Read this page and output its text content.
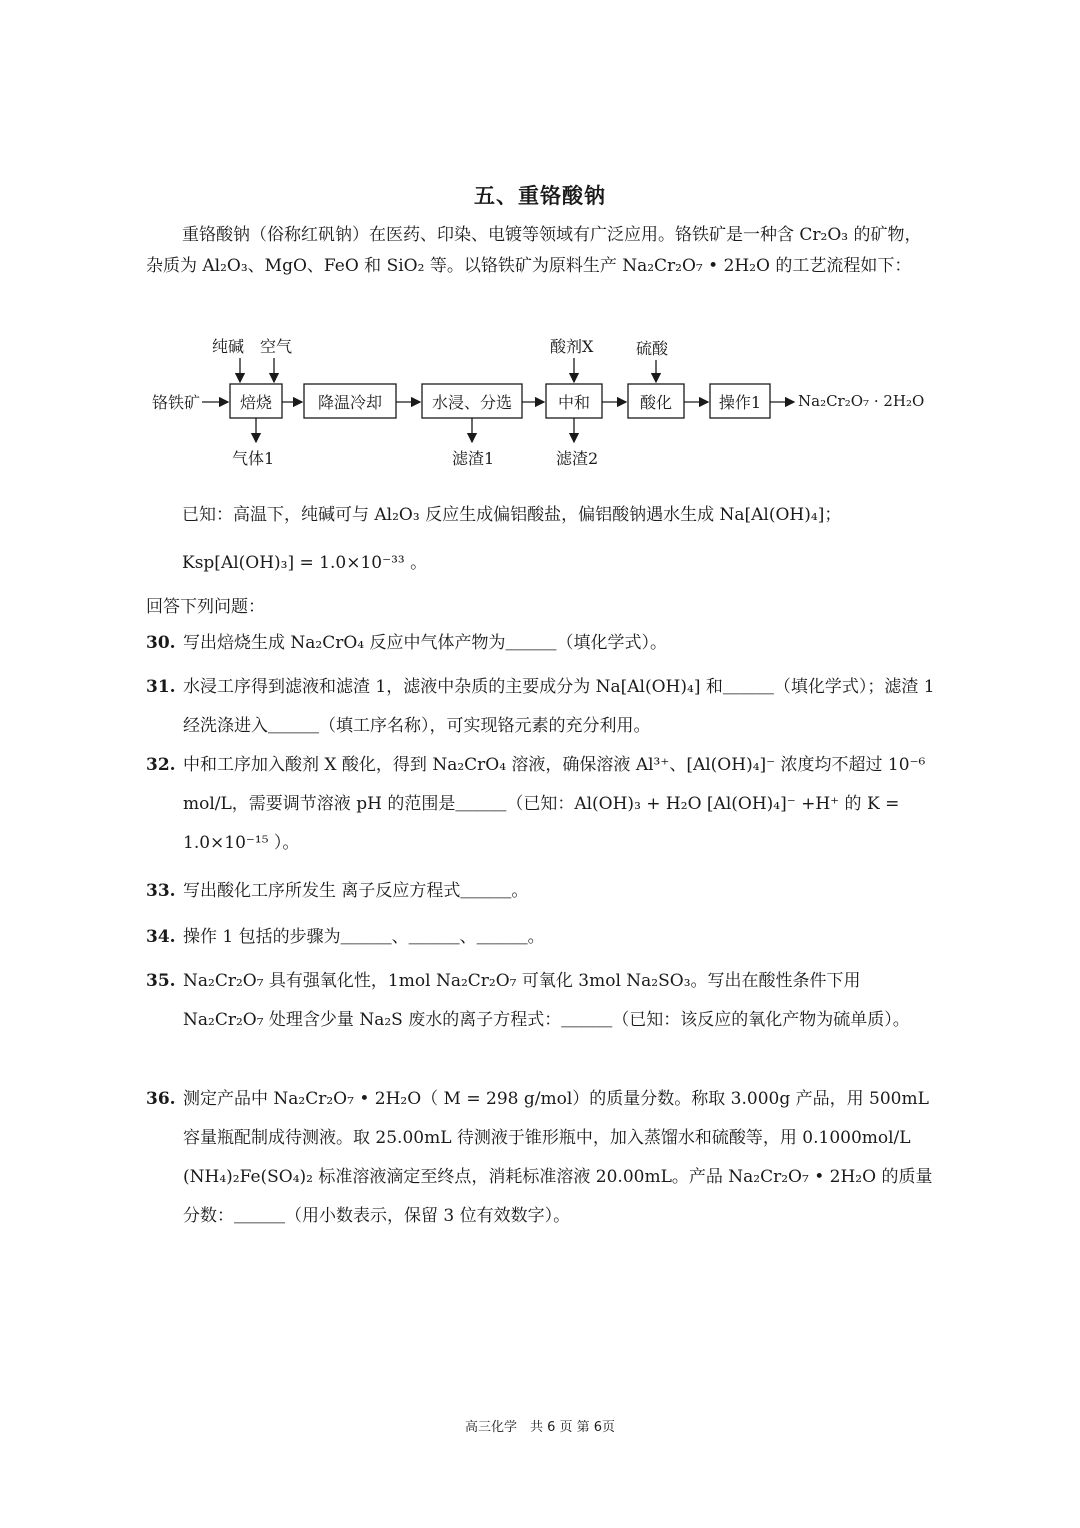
五、重铬酸钠
重铬酸钠（俗称红矾钠）在医药、印染、电镀等领域有广泛应用。铬铁矿是一种含 Cr₂O₃ 的矿物，杂质为 Al₂O₃、MgO、FeO 和 SiO₂ 等。以铬铁矿为原料生产 Na₂Cr₂O₇ • 2H₂O 的工艺流程如下：
铬铁矿 焙烧	降温冷却	水浸、分选	中和	酸化	操作1 Na₂Cr₂O₇ · 2H₂O
纯碱 空气	酸剂X	硫酸
气体1	滤渣1	滤渣2
已知：高温下，纯碱可与 Al₂O₃ 反应生成偏铝酸盐，偏铝酸钠遇水生成 Na[Al(OH)₄]；
Ksp[Al(OH)₃] = 1.0×10⁻³³ 。
回答下列问题：
30. 写出焙烧生成 Na₂CrO₄ 反应中气体产物为＿＿＿（填化学式）。
31. 水浸工序得到滤液和滤渣 1，滤液中杂质的主要成分为 Na[Al(OH)₄] 和＿＿＿（填化学式）；滤渣 1 经洗涤进入＿＿＿（填工序名称），可实现铬元素的充分利用。
32. 中和工序加入酸剂 X 酸化，得到 Na₂CrO₄ 溶液，确保溶液 Al³⁺、[Al(OH)₄]⁻ 浓度均不超过 10⁻⁶ mol/L，需要调节溶液 pH 的范围是＿＿＿（已知：Al(OH)₃ + H₂O [Al(OH)₄]⁻ +H⁺ 的 K = 1.0×10⁻¹⁵ ）。
33. 写出酸化工序所发生 离子反应方程式＿＿＿。
34. 操作 1 包括的步骤为＿＿＿、＿＿＿、＿＿＿。
35. Na₂Cr₂O₇ 具有强氧化性，1mol Na₂Cr₂O₇ 可氧化 3mol Na₂SO₃。写出在酸性条件下用 Na₂Cr₂O₇ 处理含少量 Na₂S 废水的离子方程式：＿＿＿（已知：该反应的氧化产物为硫单质）。
36. 测定产品中 Na₂Cr₂O₇ • 2H₂O（ M = 298 g/mol）的质量分数。称取 3.000g 产品，用 500mL 容量瓶配制成待测液。取 25.00mL 待测液于锥形瓶中，加入蒸馏水和硫酸等，用 0.1000mol/L (NH₄)₂Fe(SO₄)₂ 标准溶液滴定至终点，消耗标准溶液 20.00mL。产品 Na₂Cr₂O₇ • 2H₂O 的质量分数：＿＿＿（用小数表示，保留 3 位有效数字）。
高三化学　共 6 页 第 6页
